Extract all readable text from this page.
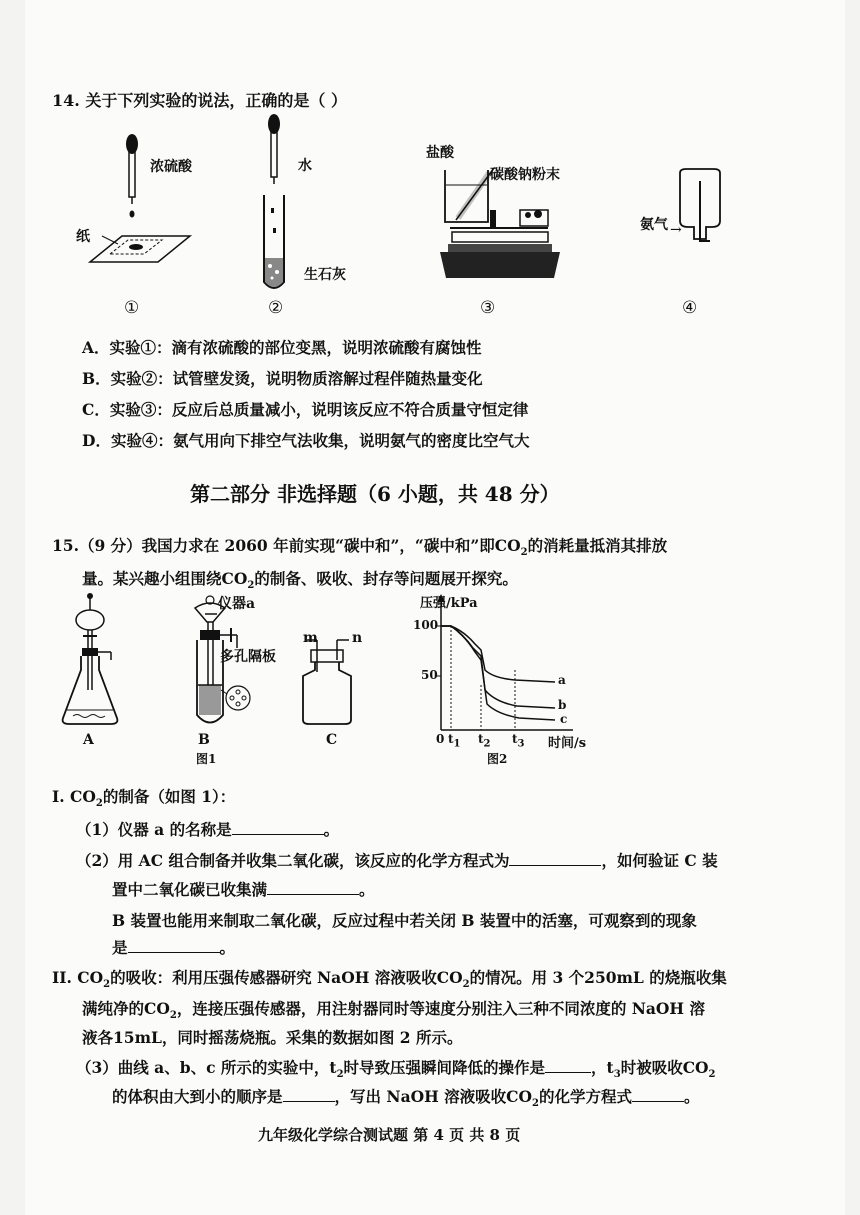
14. 关于下列实验的说法，正确的是（ ）
浓硫酸
纸
水
生石灰
盐酸
碳酸钠粉末
氨气 →
①	②	③	④
A．实验①：滴有浓硫酸的部位变黑，说明浓硫酸有腐蚀性
B．实验②：试管壁发烫，说明物质溶解过程伴随热量变化
C．实验③：反应后总质量减小，说明该反应不符合质量守恒定律
D．实验④：氨气用向下排空气法收集，说明氨气的密度比空气大
第二部分 非选择题（6 小题，共 48 分）
15.（9 分）我国力求在 2060 年前实现“碳中和”，“碳中和”即$CO_2$的消耗量抵消其排放
量。某兴趣小组围绕$CO_2$的制备、吸收、封存等问题展开探究。
仪器a
多孔隔板
m n
A	B	C
图1
压强/kPa
100
50
0 $t_1$ $t_2$ $t_3$ 时间/s
a
b
c
图2
I. $CO_2$的制备（如图 1）：
（1）仪器 a 的名称是	。
（2）用 AC 组合制备并收集二氧化碳，该反应的化学方程式为	，如何验证 C 装
置中二氧化碳已收集满	。
B 装置也能用来制取二氧化碳，反应过程中若关闭 B 装置中的活塞，可观察到的现象
是	。
II. $CO_2$的吸收：利用压强传感器研究 NaOH 溶液吸收$CO_2$的情况。用 3 个250mL 的烧瓶收集
满纯净的$CO_2$，连接压强传感器，用注射器同时等速度分别注入三种不同浓度的 NaOH 溶
液各15mL，同时摇荡烧瓶。采集的数据如图 2 所示。
（3）曲线 a、b、c 所示的实验中，$t_2$时导致压强瞬间降低的操作是	，$t_3$时被吸收$CO_2$
的体积由大到小的顺序是	，写出 NaOH 溶液吸收$CO_2$的化学方程式	。
九年级化学综合测试题 第 4 页 共 8 页
